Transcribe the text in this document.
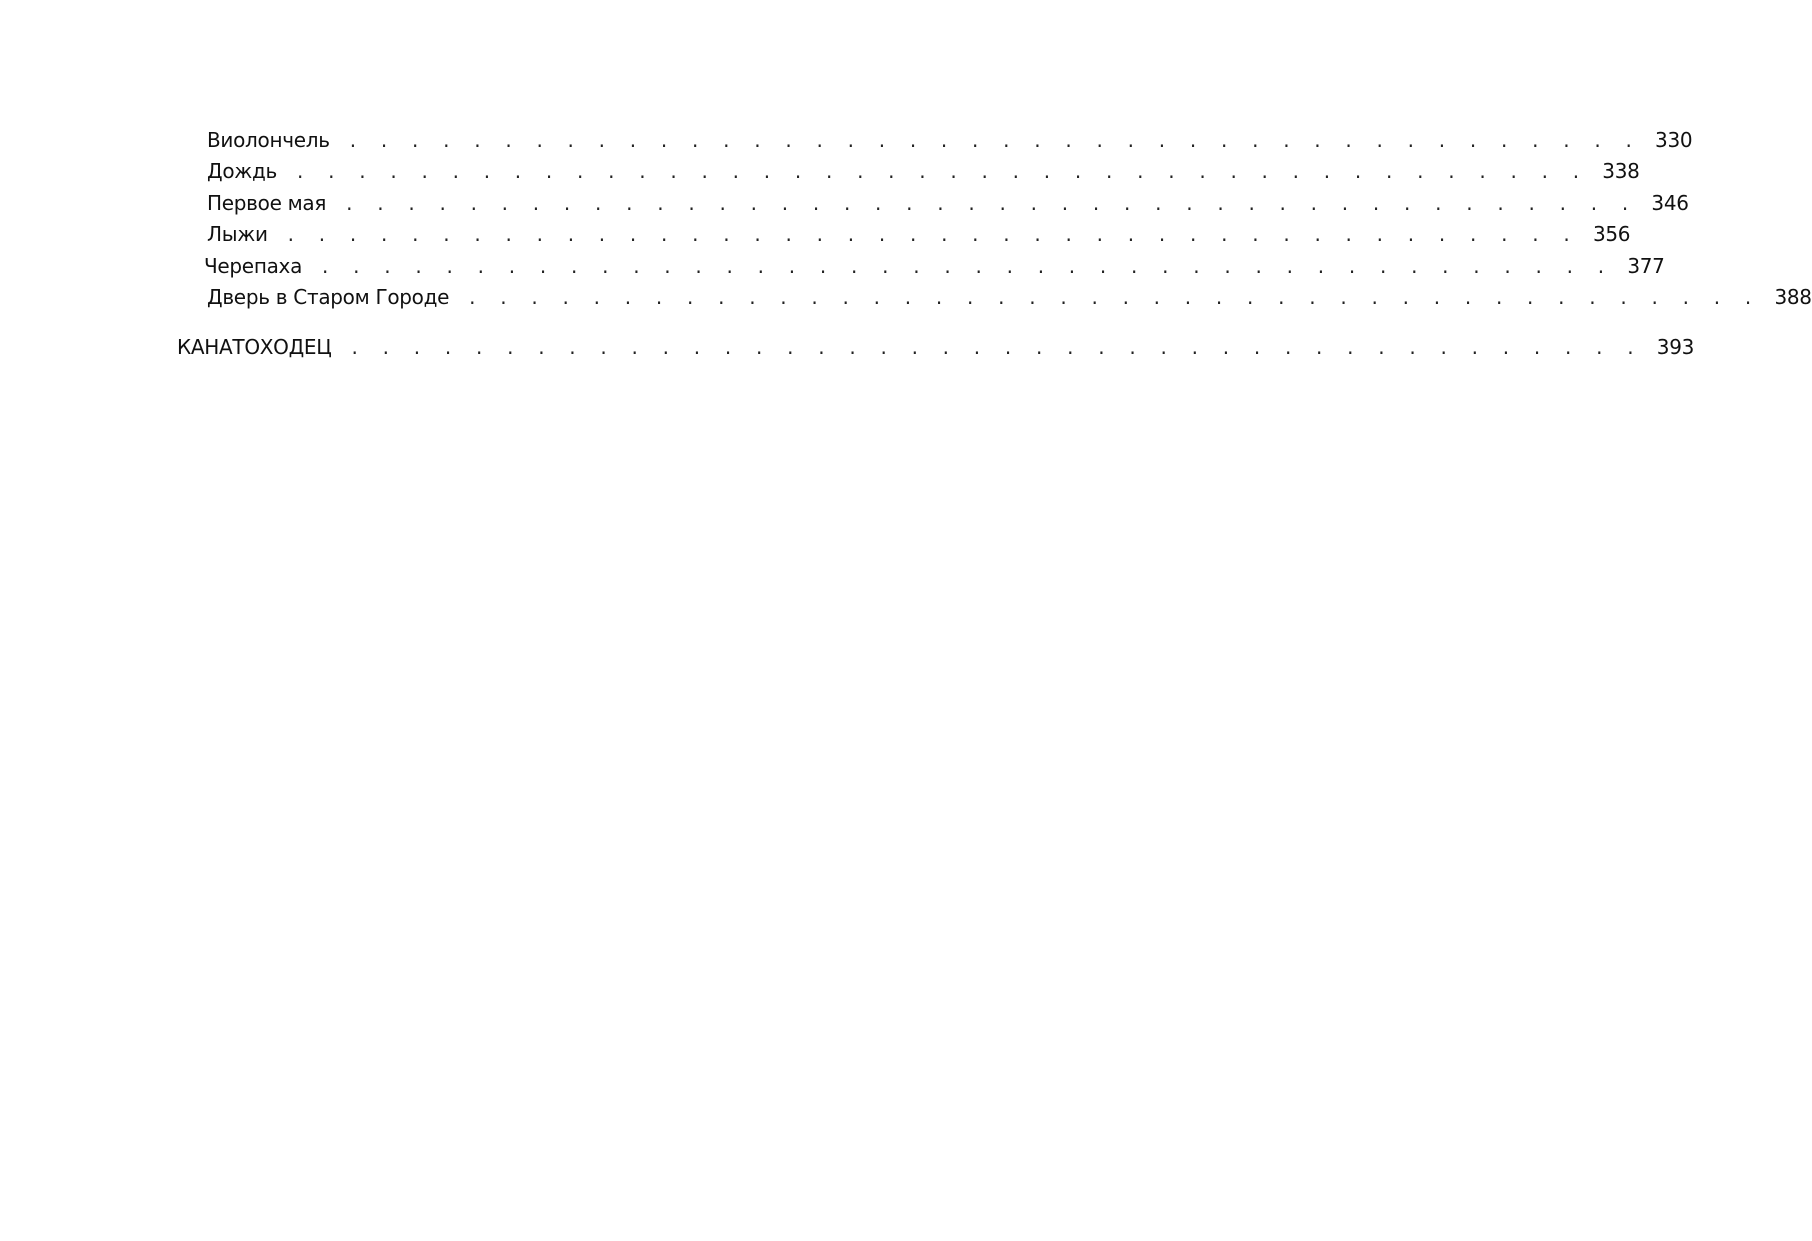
Виолончель . . . . . . . . . . . . . . . . . . . . . . . . . . . . . . . . . . . . . . . . . . 330
Дождь . . . . . . . . . . . . . . . . . . . . . . . . . . . . . . . . . . . . . . . . . . 338
Первое мая . . . . . . . . . . . . . . . . . . . . . . . . . . . . . . . . . . . . . . . . . . 346
Лыжи . . . . . . . . . . . . . . . . . . . . . . . . . . . . . . . . . . . . . . . . . . 356
Черепаха . . . . . . . . . . . . . . . . . . . . . . . . . . . . . . . . . . . . . . . . . . 377
Дверь в Старом Городе . . . . . . . . . . . . . . . . . . . . . . . . . . . . . . . . . . . . . . . . . . 388
КАНАТОХОДЕЦ . . . . . . . . . . . . . . . . . . . . . . . . . . . . . . . . . . . . . . . . . . 393
